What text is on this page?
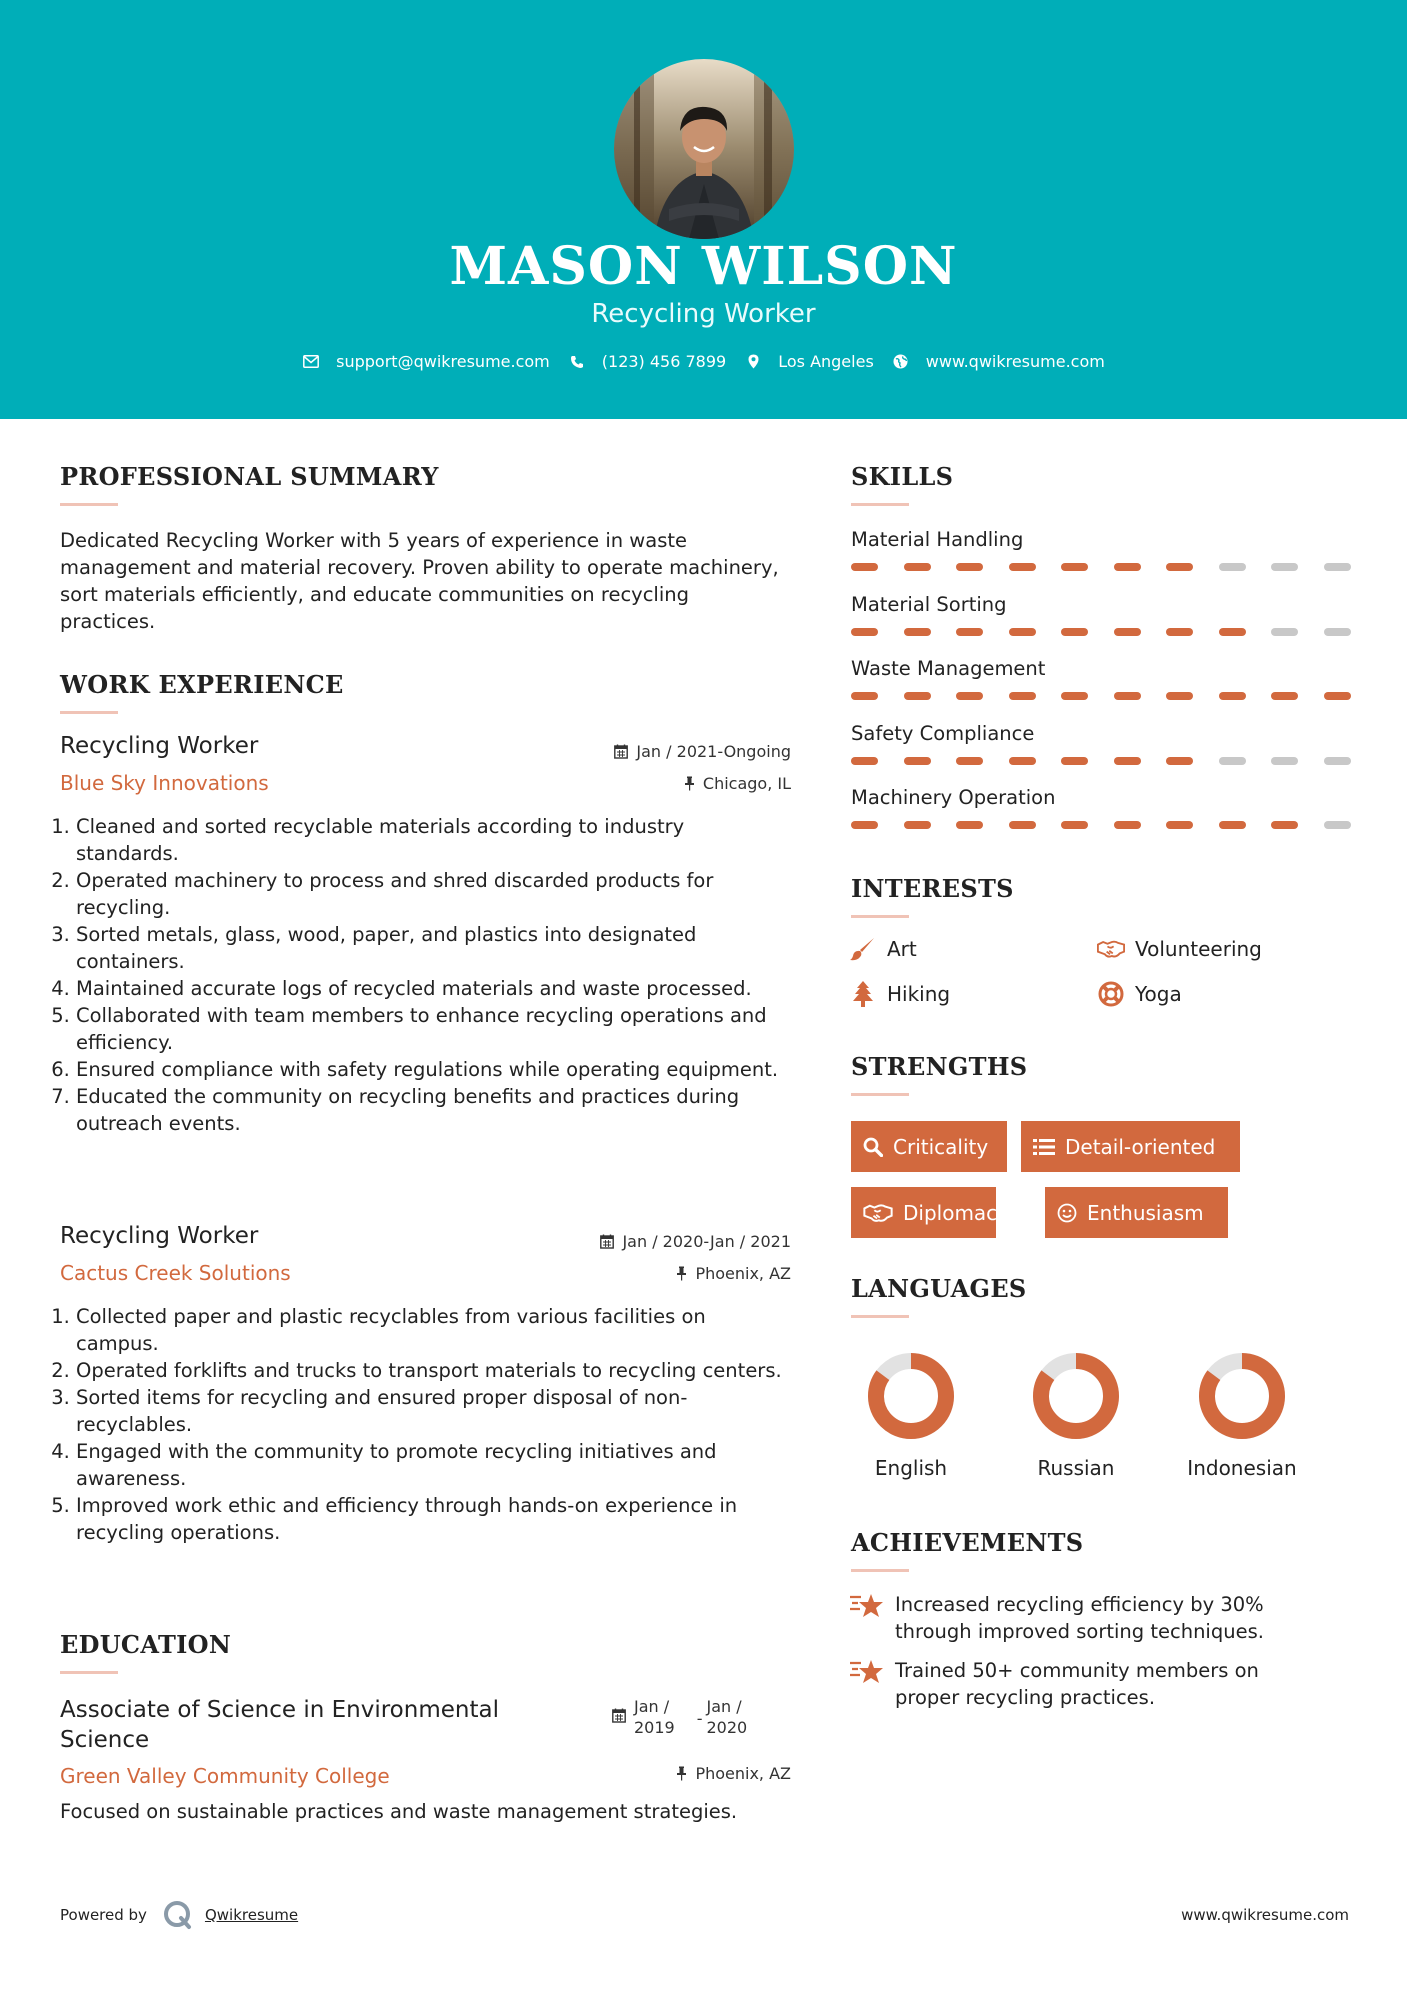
MASON WILSON
Recycling Worker
support@qwikresume.com	(123) 456 7899	Los Angeles	www.qwikresume.com
PROFESSIONAL SUMMARY
Dedicated Recycling Worker with 5 years of experience in waste management and material recovery. Proven ability to operate machinery, sort materials efficiently, and educate communities on recycling practices.
WORK EXPERIENCE
Recycling Worker	Jan / 2021-Ongoing
Blue Sky Innovations	Chicago, IL
1. Cleaned and sorted recyclable materials according to industry standards.
2. Operated machinery to process and shred discarded products for recycling.
3. Sorted metals, glass, wood, paper, and plastics into designated containers.
4. Maintained accurate logs of recycled materials and waste processed.
5. Collaborated with team members to enhance recycling operations and efficiency.
6. Ensured compliance with safety regulations while operating equipment.
7. Educated the community on recycling benefits and practices during outreach events.
Recycling Worker	Jan / 2020-Jan / 2021
Cactus Creek Solutions	Phoenix, AZ
1. Collected paper and plastic recyclables from various facilities on campus.
2. Operated forklifts and trucks to transport materials to recycling centers.
3. Sorted items for recycling and ensured proper disposal of non-recyclables.
4. Engaged with the community to promote recycling initiatives and awareness.
5. Improved work ethic and efficiency through hands-on experience in recycling operations.
EDUCATION
Associate of Science in Environmental
Science
Jan /
2019 -
Jan /
2020
Green Valley Community College	Phoenix, AZ
Focused on sustainable practices and waste management strategies.
SKILLS
Material Handling
Material Sorting
Waste Management
Safety Compliance
Machinery Operation
INTERESTS
Art	Volunteering
Hiking	Yoga
STRENGTHS
Criticality	Detail-oriented
Diplomacy	Enthusiasm
LANGUAGES
English	Russian	Indonesian
ACHIEVEMENTS
Increased recycling efficiency by 30% through improved sorting techniques.
Trained 50+ community members on proper recycling practices.
Powered by	Qwikresume	www.qwikresume.com
